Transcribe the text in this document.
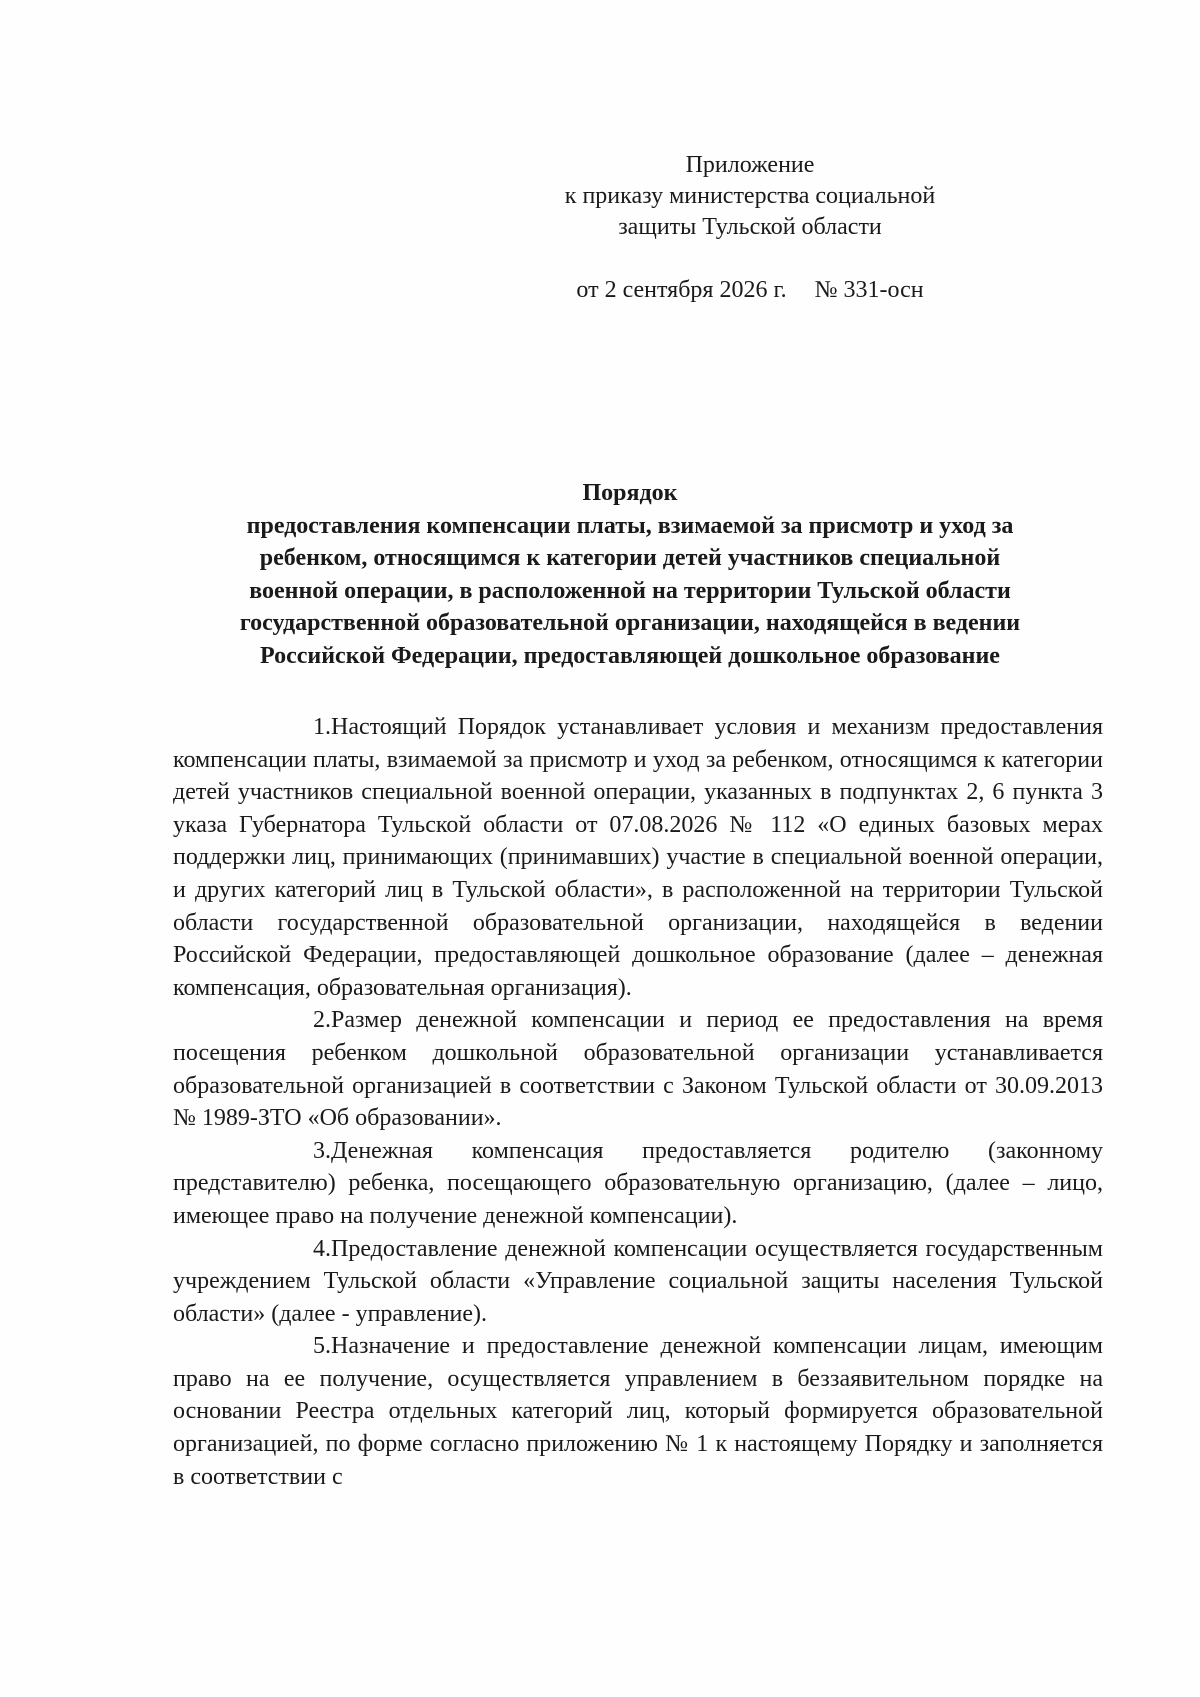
Приложение
к приказу министерства социальной
защиты Тульской области
от 2 сентября 2026 г. № 331-осн
Порядок
предоставления компенсации платы, взимаемой за присмотр и уход за
ребенком, относящимся к категории детей участников специальной
военной операции, в расположенной на территории Тульской области
государственной образовательной организации, находящейся в ведении
Российской Федерации, предоставляющей дошкольное образование

1.Настоящий Порядок устанавливает условия и механизм предоставления компенсации платы, взимаемой за присмотр и уход за ребенком, относящимся к категории детей участников специальной военной операции, указанных в подпунктах 2, 6 пункта 3 указа Губернатора Тульской области от 07.08.2026 № 112 «О единых базовых мерах поддержки лиц, принимающих (принимавших) участие в специальной военной операции, и других категорий лиц в Тульской области», в расположенной на территории Тульской области государственной образовательной организации, находящейся в ведении Российской Федерации, предоставляющей дошкольное образование (далее – денежная компенсация, образовательная организация).

2.Размер денежной компенсации и период ее предоставления на время посещения ребенком дошкольной образовательной организации устанавливается образовательной организацией в соответствии с Законом Тульской области от 30.09.2013 № 1989-ЗТО «Об образовании».

3.Денежная компенсация предоставляется родителю (законному представителю) ребенка, посещающего образовательную организацию, (далее – лицо, имеющее право на получение денежной компенсации).

4.Предоставление денежной компенсации осуществляется государственным учреждением Тульской области «Управление социальной защиты населения Тульской области» (далее - управление).

5.Назначение и предоставление денежной компенсации лицам, имеющим право на ее получение, осуществляется управлением в беззаявительном порядке на основании Реестра отдельных категорий лиц, который формируется образовательной организацией, по форме согласно приложению № 1 к настоящему Порядку и заполняется в соответствии с
